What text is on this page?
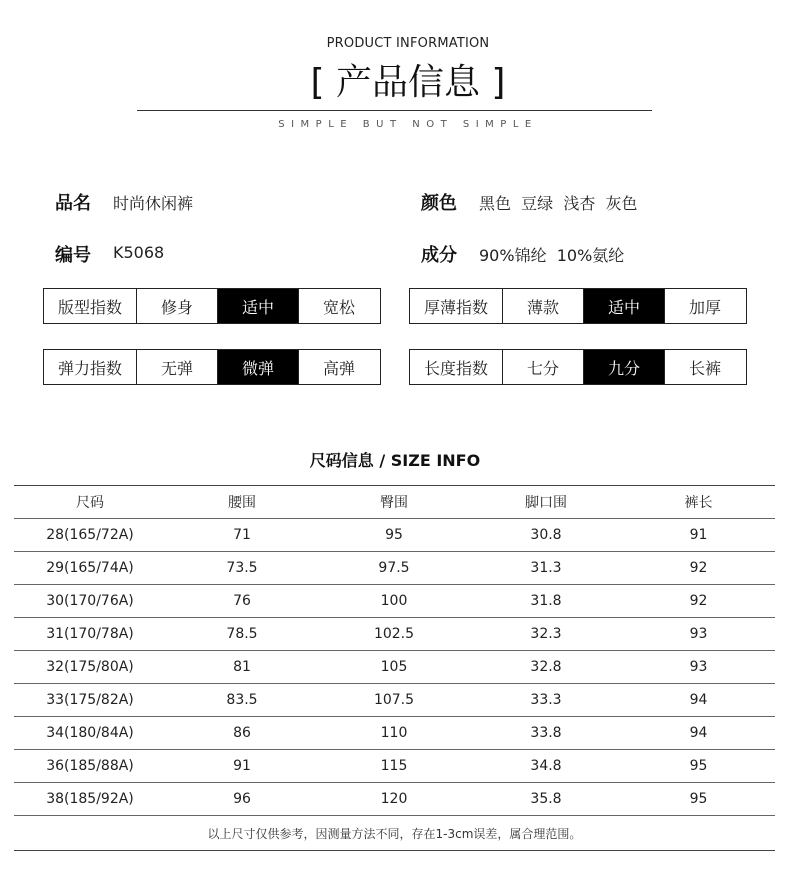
PRODUCT INFORMATION
[ 产品信息 ]
SIMPLE BUT NOT SIMPLE
品名 时尚休闲裤	颜色 黑色  豆绿  浅杏  灰色
编号 K5068	成分 90%锦纶  10%氨纶
版型指数	修身	适中	宽松	厚薄指数	薄款	适中	加厚
弹力指数	无弹	微弹	高弹	长度指数	七分	九分	长裤
尺码信息 / SIZE INFO
尺码	腰围	臀围	脚口围	裤长
28(165/72A)	71	95	30.8	91
29(165/74A)	73.5	97.5	31.3	92
30(170/76A)	76	100	31.8	92
31(170/78A)	78.5	102.5	32.3	93
32(175/80A)	81	105	32.8	93
33(175/82A)	83.5	107.5	33.3	94
34(180/84A)	86	110	33.8	94
36(185/88A)	91	115	34.8	95
38(185/92A)	96	120	35.8	95
以上尺寸仅供参考，因测量方法不同，存在1-3cm误差，属合理范围。				
